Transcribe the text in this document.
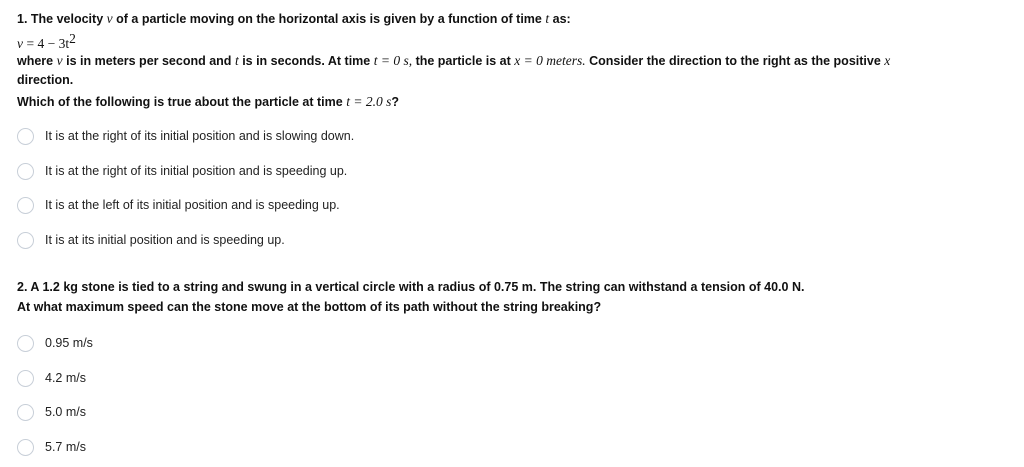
1. The velocity v of a particle moving on the horizontal axis is given by a function of time t as:
$v = 4 - 3t^2$
where v is in meters per second and t is in seconds. At time t = 0 s, the particle is at x = 0 meters. Consider the direction to the right as the positive x
direction.
Which of the following is true about the particle at time t = 2.0 s?
It is at the right of its initial position and is slowing down.
It is at the right of its initial position and is speeding up.
It is at the left of its initial position and is speeding up.
It is at its initial position and is speeding up.
2. A 1.2 kg stone is tied to a string and swung in a vertical circle with a radius of 0.75 m. The string can withstand a tension of 40.0 N.
At what maximum speed can the stone move at the bottom of its path without the string breaking?
0.95 m/s
4.2 m/s
5.0 m/s
5.7 m/s
